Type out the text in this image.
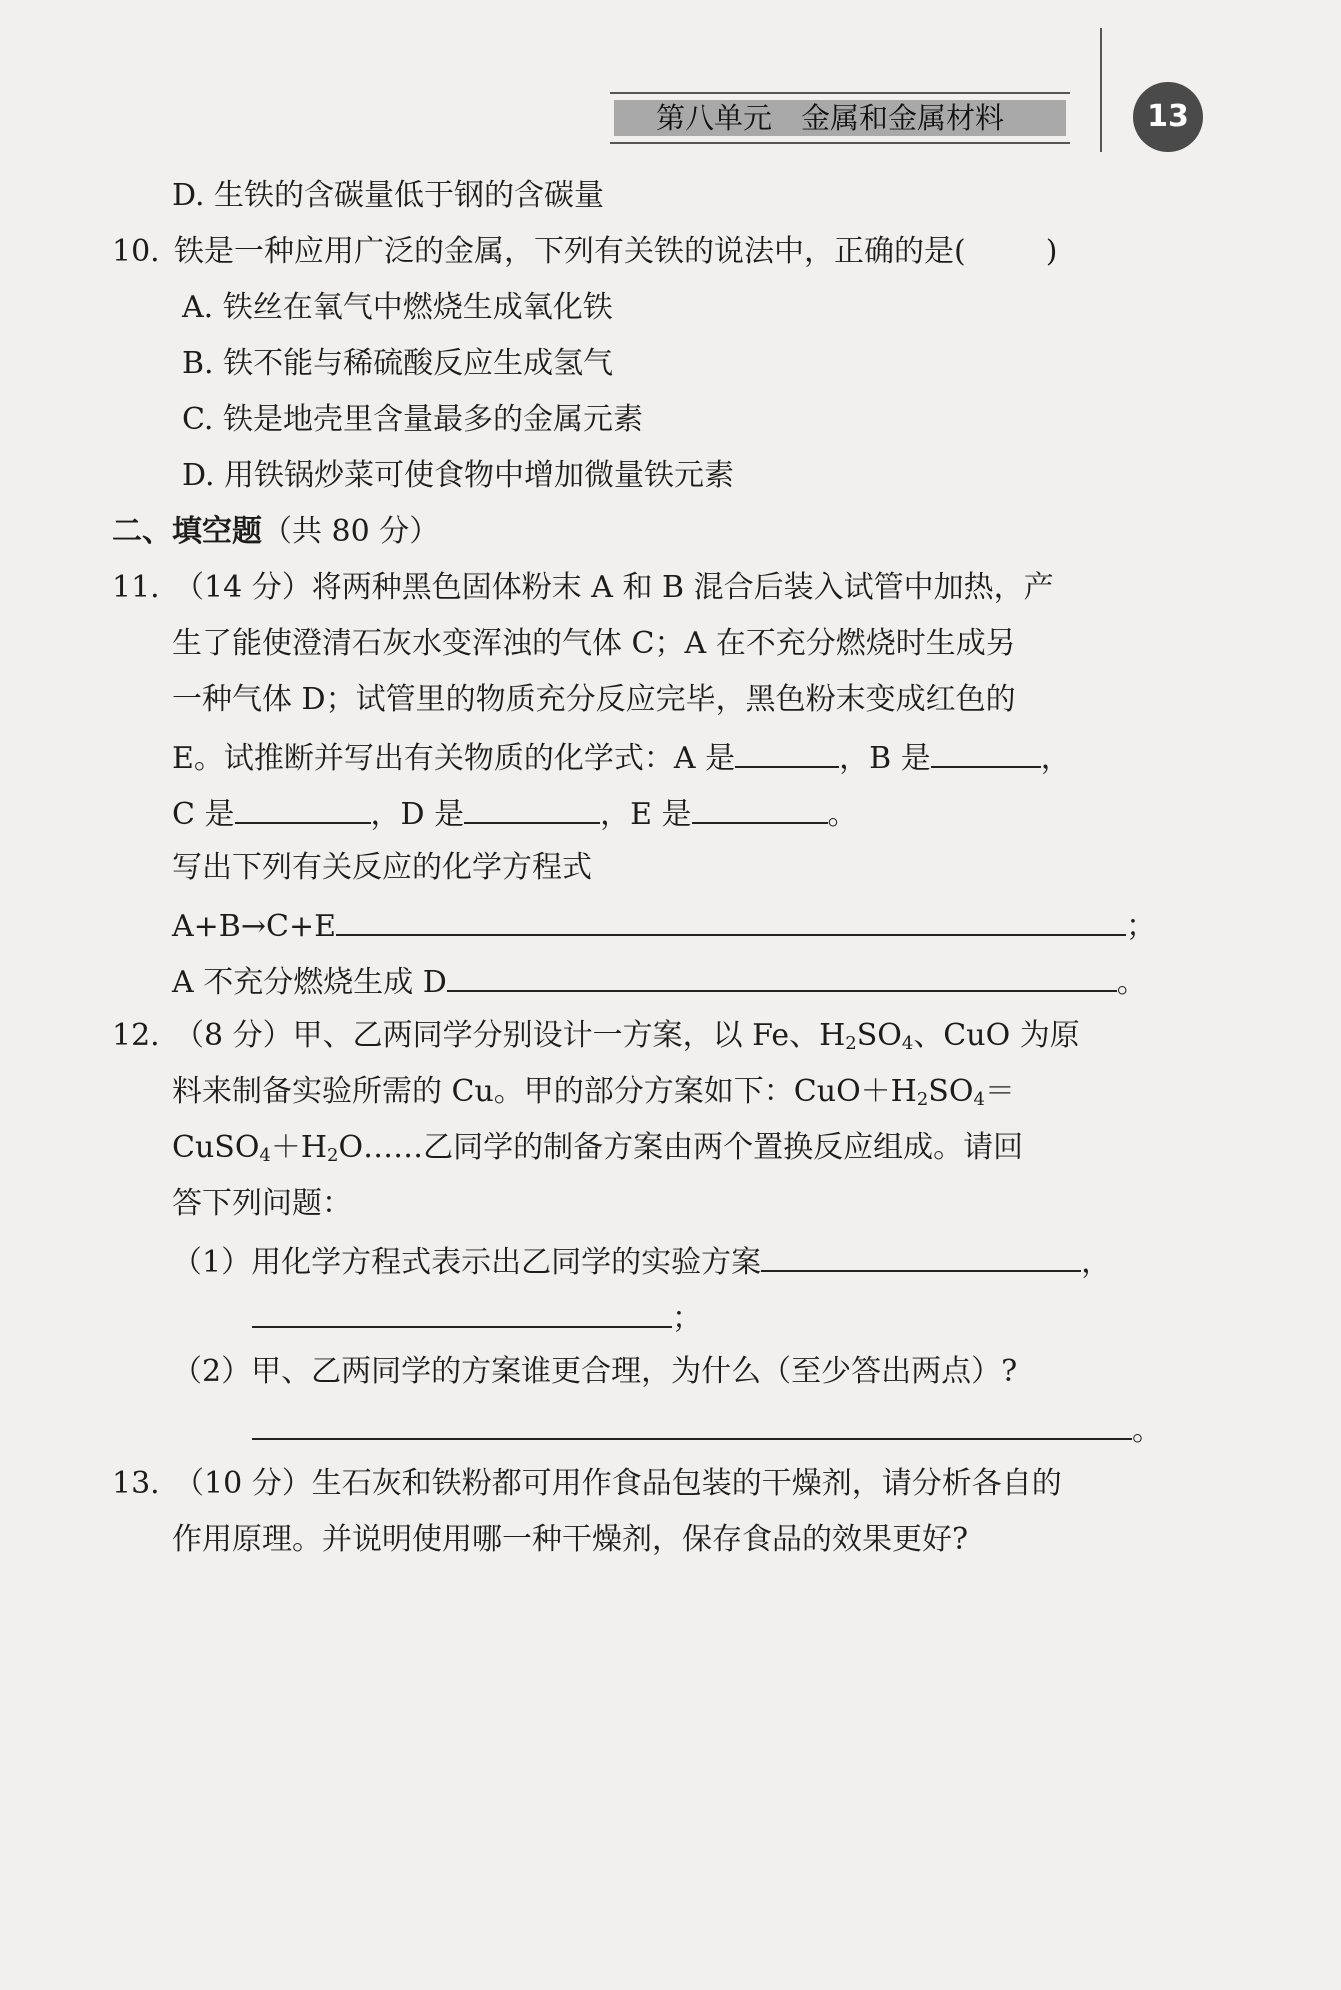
第八单元　金属和金属材料	13
D. 生铁的含碳量低于钢的含碳量
10. 铁是一种应用广泛的金属，下列有关铁的说法中，正确的是(	)
A. 铁丝在氧气中燃烧生成氧化铁
B. 铁不能与稀硫酸反应生成氢气
C. 铁是地壳里含量最多的金属元素
D. 用铁锅炒菜可使食物中增加微量铁元素
二、填空题（共 80 分）
11. （14 分）将两种黑色固体粉末 A 和 B 混合后装入试管中加热，产
生了能使澄清石灰水变浑浊的气体 C；A 在不充分燃烧时生成另
一种气体 D；试管里的物质充分反应完毕，黑色粉末变成红色的
E。试推断并写出有关物质的化学式：A 是	，B 是	，
C 是	，D 是	，E 是	。
写出下列有关反应的化学方程式
A+B→C+E	；
A 不充分燃烧生成 D	。
12. （8 分）甲、乙两同学分别设计一方案，以 Fe、$H_2SO_4$、CuO 为原
料来制备实验所需的 Cu。甲的部分方案如下：$CuO+H_2SO_4=$
$CuSO_4+H_2O\dots\dots$乙同学的制备方案由两个置换反应组成。请回
答下列问题：
（1）用化学方程式表示出乙同学的实验方案	，
；
（2）甲、乙两同学的方案谁更合理，为什么（至少答出两点）?
。
13. （10 分）生石灰和铁粉都可用作食品包装的干燥剂，请分析各自的
作用原理。并说明使用哪一种干燥剂，保存食品的效果更好?
